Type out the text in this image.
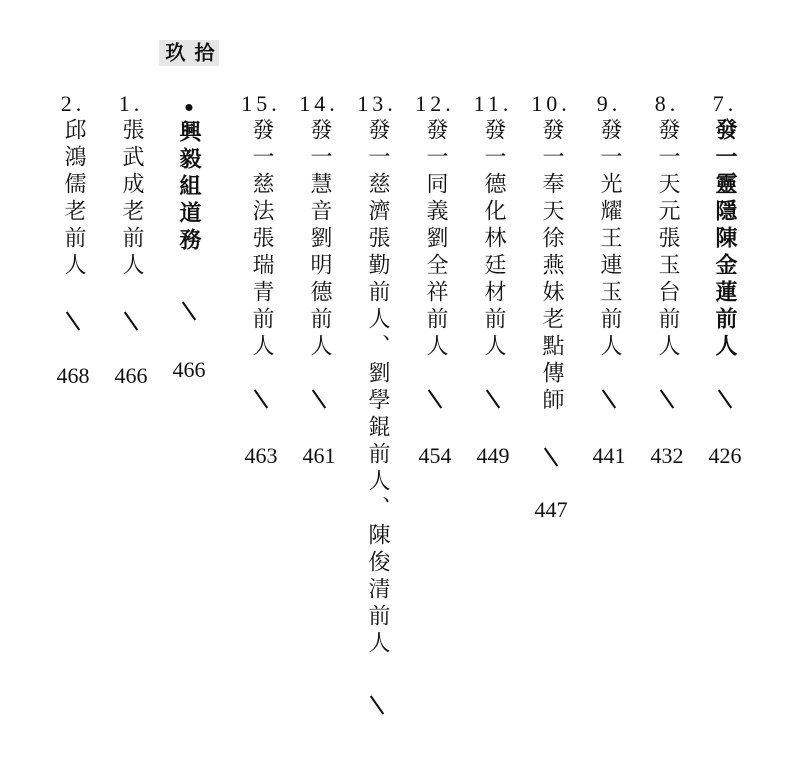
7.
發一靈隱陳金蓮前人
426
8.
發一天元張玉台前人
432
9.
發一光耀王連玉前人
441
10.
發一奉天徐燕妹老點傳師
447
11.
發一德化林廷材前人
449
12.
發一同義劉全祥前人
454
13.
發一慈濟張勤前人、劉學錕前人、陳俊清前人
14.
發一慧音劉明德前人
461
15.
發一慈法張瑞青前人
463
拾玖
興毅組道務
466
1.
張武成老前人
466
2.
邱鴻儒老前人
468
